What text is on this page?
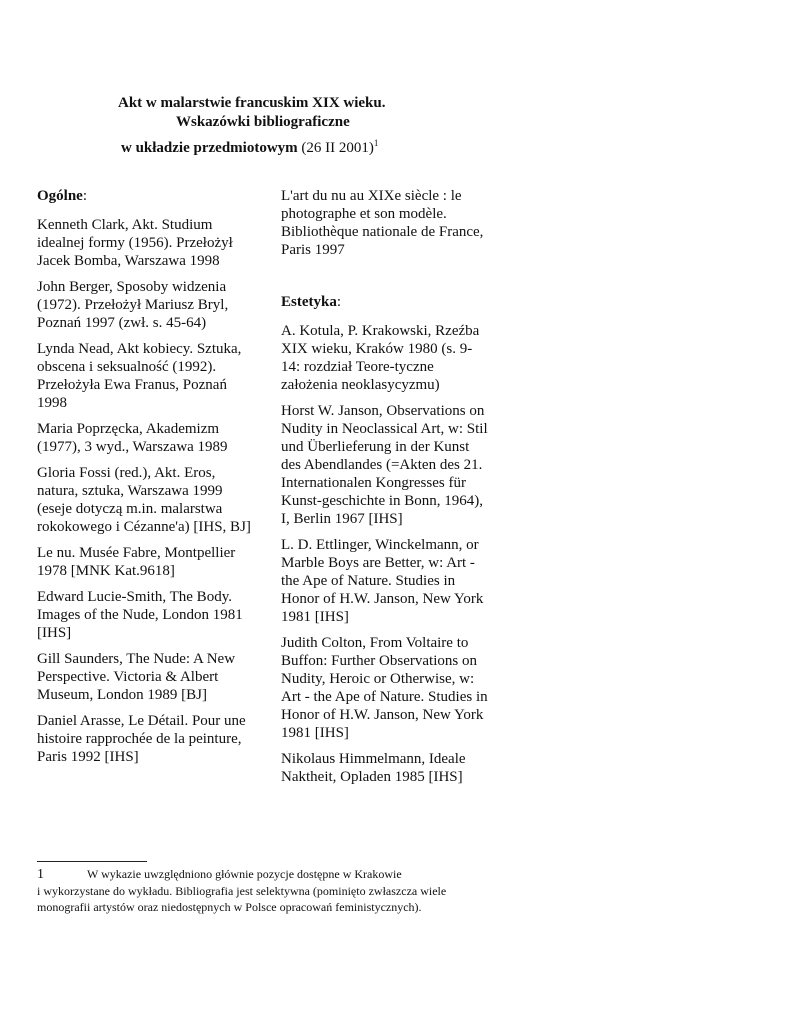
Akt w malarstwie francuskim XIX wieku.
Wskazówki bibliograficzne
w układzie przedmiotowym (26 II 2001)$^1$
Ogólne:
Kenneth Clark, Akt. Studium idealnej formy (1956). Przełożył Jacek Bomba, Warszawa 1998
John Berger, Sposoby widzenia (1972). Przełożył Mariusz Bryl, Poznań 1997 (zwł. s. 45-64)
Lynda Nead, Akt kobiecy. Sztuka, obscena i seksualność (1992). Przełożyła Ewa Franus, Poznań 1998
Maria Poprzęcka, Akademizm (1977), 3 wyd., Warszawa 1989
Gloria Fossi (red.), Akt. Eros, natura, sztuka, Warszawa 1999 (eseje dotyczą m.in. malarstwa rokokowego i Cézanne'a) [IHS, BJ]
Le nu. Musée Fabre, Montpellier 1978 [MNK Kat.9618]
Edward Lucie-Smith, The Body. Images of the Nude, London 1981 [IHS]
Gill Saunders, The Nude: A New Perspective. Victoria & Albert Museum, London 1989 [BJ]
Daniel Arasse, Le Détail. Pour une histoire rapprochée de la peinture, Paris 1992 [IHS]
L'art du nu au XIXe siècle : le photographe et son modèle. Bibliothèque nationale de France, Paris 1997
Estetyka:
A. Kotula, P. Krakowski, Rzeźba XIX wieku, Kraków 1980 (s. 9-14: rozdział Teore-tyczne założenia neoklasycyzmu)
Horst W. Janson, Observations on Nudity in Neoclassical Art, w: Stil und Überlieferung in der Kunst des Abendlandes (=Akten des 21. Internationalen Kongresses für Kunst-geschichte in Bonn, 1964), I, Berlin 1967 [IHS]
L. D. Ettlinger, Winckelmann, or Marble Boys are Better, w: Art - the Ape of Nature. Studies in Honor of H.W. Janson, New York 1981 [IHS]
Judith Colton, From Voltaire to Buffon: Further Observations on Nudity, Heroic or Otherwise, w: Art - the Ape of Nature. Studies in Honor of H.W. Janson, New York 1981 [IHS]
Nikolaus Himmelmann, Ideale Naktheit, Opladen 1985 [IHS]
1	W wykazie uwzględniono głównie pozycje dostępne w Krakowie
i wykorzystane do wykładu. Bibliografia jest selektywna (pominięto zwłaszcza wiele
monografii artystów oraz niedostępnych w Polsce opracowań feministycznych).
